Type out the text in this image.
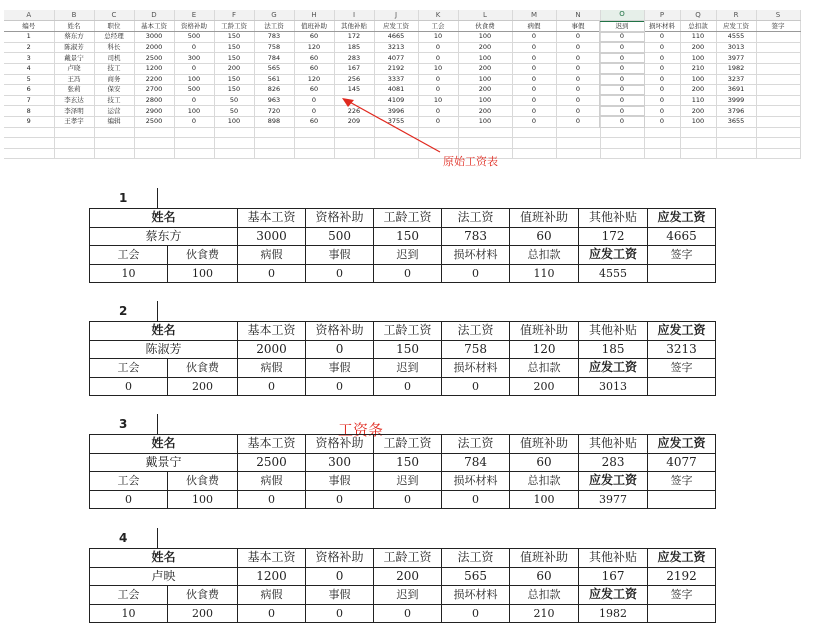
A	B	C	D	E	F	G	H	I	J	K	L	M	N	O	P	Q	R	S
编号	姓名	职位	基本工资	资格补助	工龄工资	法工资	值班补助	其他补贴	应发工资	工会	伙食费	病假	事假	迟到	损坏材料	总扣款	应发工资	签字
1	蔡东方	总经理	3000	500	150	783	60	172	4665	10	100	0	0	0	0	110	4555	
2	陈淑芳	科长	2000	0	150	758	120	185	3213	0	200	0	0	0	0	200	3013	
3	戴景宁	司机	2500	300	150	784	60	283	4077	0	100	0	0	0	0	100	3977	
4	卢晓	技工	1200	0	200	565	60	167	2192	10	200	0	0	0	0	210	1982	
5	王冯	商务	2200	100	150	561	120	256	3337	0	100	0	0	0	0	100	3237	
6	张莉	保安	2700	500	150	826	60	145	4081	0	200	0	0	0	0	200	3691	
7	李玄达	技工	2800	0	50	963	0		4109	10	100	0	0	0	0	110	3999	
8	李泽明	运营	2900	100	50	720	0	226	3996	0	200	0	0	0	0	200	3796	
9	王孝宇	编辑	2500	0	100	898	60	209	3755	0	100	0	0	0	0	100	3655	

原始工资表
工资条
1
姓名		基本工资	资格补助	工龄工资	法工资	值班补助	其他补贴	应发工资
蔡东方		3000	500	150	783	60	172	4665
工会	伙食费	病假	事假	迟到	损坏材料	总扣款	应发工资	签字
10	100	0	0	0	0	110	4555	
2
姓名		基本工资	资格补助	工龄工资	法工资	值班补助	其他补贴	应发工资
陈淑芳		2000	0	150	758	120	185	3213
工会	伙食费	病假	事假	迟到	损坏材料	总扣款	应发工资	签字
0	200	0	0	0	0	200	3013	
3
姓名		基本工资	资格补助	工龄工资	法工资	值班补助	其他补贴	应发工资
戴景宁		2500	300	150	784	60	283	4077
工会	伙食费	病假	事假	迟到	损坏材料	总扣款	应发工资	签字
0	100	0	0	0	0	100	3977	
4
姓名		基本工资	资格补助	工龄工资	法工资	值班补助	其他补贴	应发工资
卢映		1200	0	200	565	60	167	2192
工会	伙食费	病假	事假	迟到	损坏材料	总扣款	应发工资	签字
10	200	0	0	0	0	210	1982	
